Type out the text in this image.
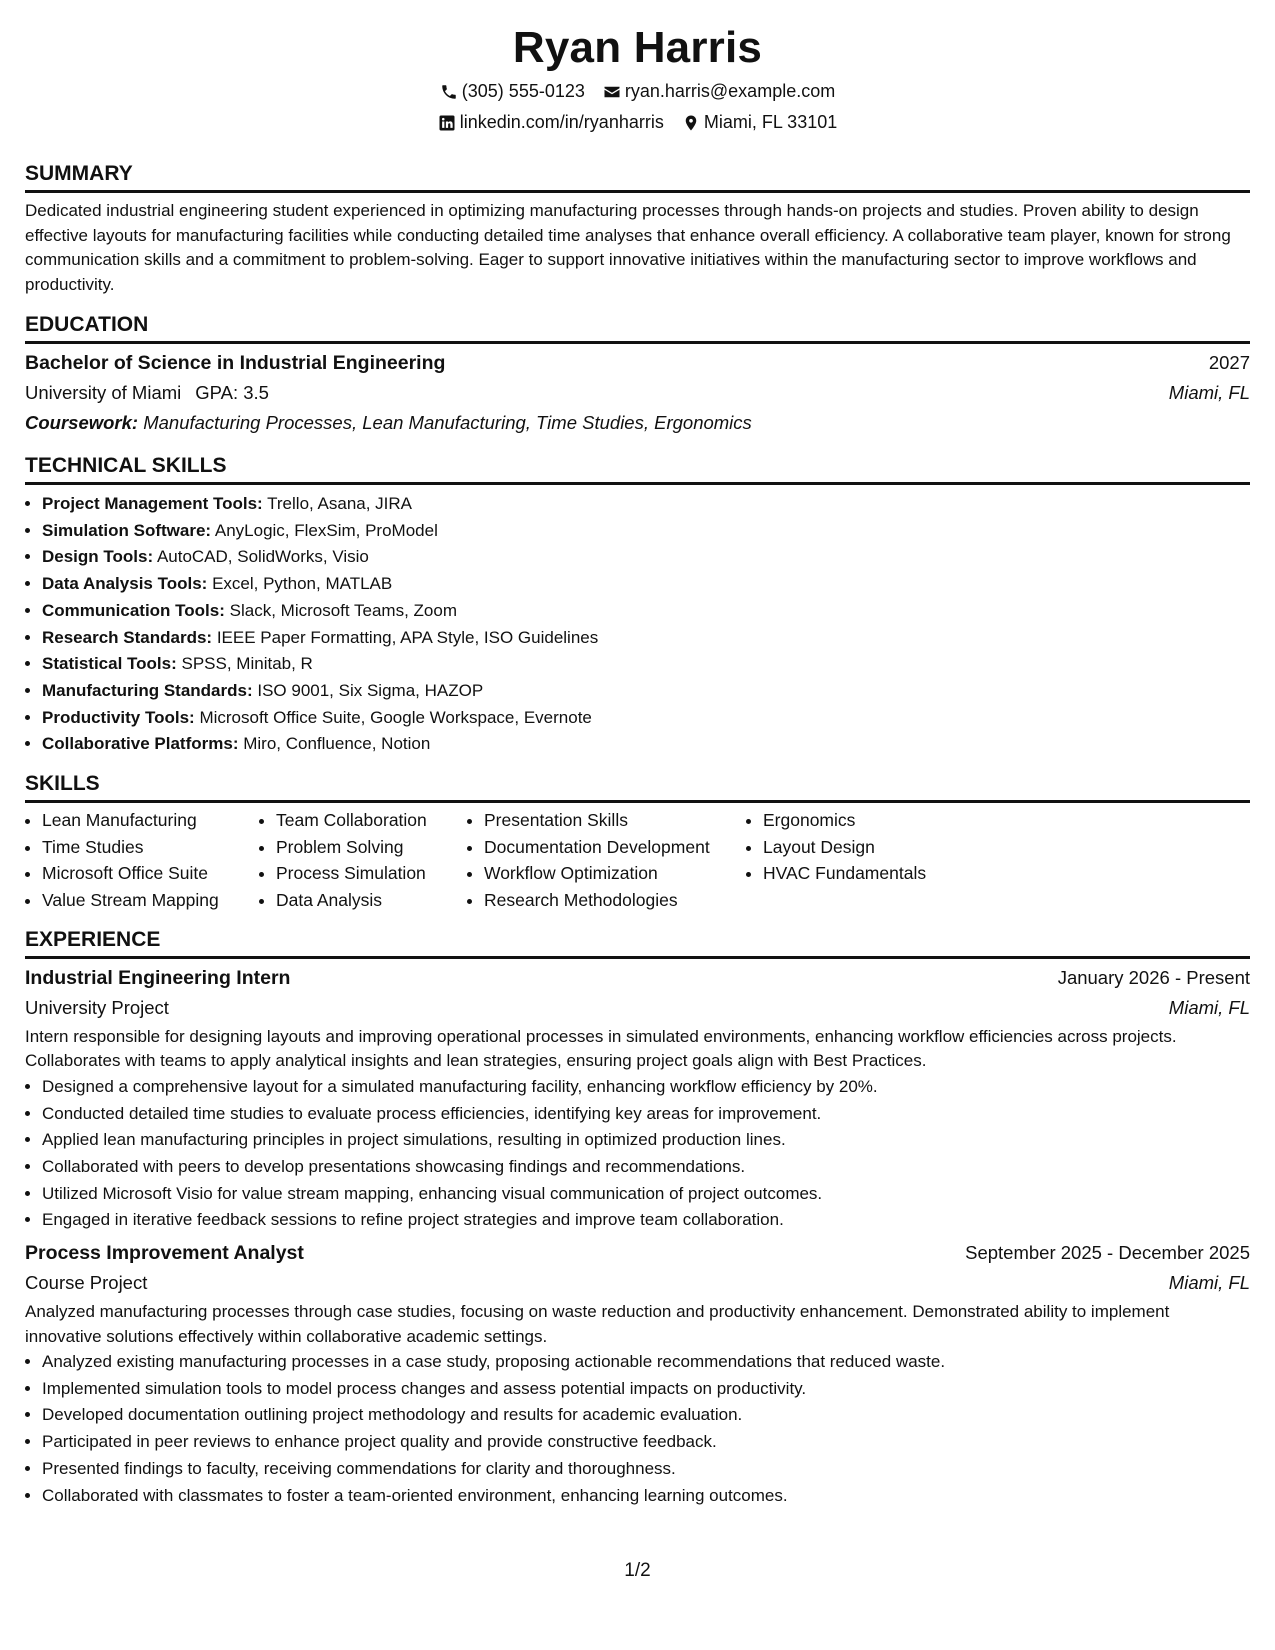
Ryan Harris
(305) 555-0123 ryan.harris@example.com
linkedin.com/in/ryanharris Miami, FL 33101
SUMMARY

Dedicated industrial engineering student experienced in optimizing manufacturing processes through hands-on projects and studies. Proven ability to design effective layouts for manufacturing facilities while conducting detailed time analyses that enhance overall efficiency. A collaborative team player, known for strong communication skills and a commitment to problem-solving. Eager to support innovative initiatives within the manufacturing sector to improve workflows and productivity.

EDUCATION
Bachelor of Science in Industrial Engineering	2027
University of Miami GPA: 3.5	Miami, FL
Coursework: Manufacturing Processes, Lean Manufacturing, Time Studies, Ergonomics
TECHNICAL SKILLS
• Project Management Tools: Trello, Asana, JIRA
• Simulation Software: AnyLogic, FlexSim, ProModel
• Design Tools: AutoCAD, SolidWorks, Visio
• Data Analysis Tools: Excel, Python, MATLAB
• Communication Tools: Slack, Microsoft Teams, Zoom
• Research Standards: IEEE Paper Formatting, APA Style, ISO Guidelines
• Statistical Tools: SPSS, Minitab, R
• Manufacturing Standards: ISO 9001, Six Sigma, HAZOP
• Productivity Tools: Microsoft Office Suite, Google Workspace, Evernote
• Collaborative Platforms: Miro, Confluence, Notion
SKILLS
• Lean Manufacturing
• Time Studies
• Microsoft Office Suite
• Value Stream Mapping
• Team Collaboration
• Problem Solving
• Process Simulation
• Data Analysis
• Presentation Skills
• Documentation Development
• Workflow Optimization
• Research Methodologies
• Ergonomics
• Layout Design
• HVAC Fundamentals
EXPERIENCE
Industrial Engineering Intern	January 2026 - Present
University Project	Miami, FL

Intern responsible for designing layouts and improving operational processes in simulated environments, enhancing workflow efficiencies across projects. Collaborates with teams to apply analytical insights and lean strategies, ensuring project goals align with Best Practices.

• Designed a comprehensive layout for a simulated manufacturing facility, enhancing workflow efficiency by 20%.
• Conducted detailed time studies to evaluate process efficiencies, identifying key areas for improvement.
• Applied lean manufacturing principles in project simulations, resulting in optimized production lines.
• Collaborated with peers to develop presentations showcasing findings and recommendations.
• Utilized Microsoft Visio for value stream mapping, enhancing visual communication of project outcomes.
• Engaged in iterative feedback sessions to refine project strategies and improve team collaboration.
Process Improvement Analyst	September 2025 - December 2025
Course Project	Miami, FL

Analyzed manufacturing processes through case studies, focusing on waste reduction and productivity enhancement. Demonstrated ability to implement innovative solutions effectively within collaborative academic settings.

• Analyzed existing manufacturing processes in a case study, proposing actionable recommendations that reduced waste.
• Implemented simulation tools to model process changes and assess potential impacts on productivity.
• Developed documentation outlining project methodology and results for academic evaluation.
• Participated in peer reviews to enhance project quality and provide constructive feedback.
• Presented findings to faculty, receiving commendations for clarity and thoroughness.
• Collaborated with classmates to foster a team-oriented environment, enhancing learning outcomes.
1/2
